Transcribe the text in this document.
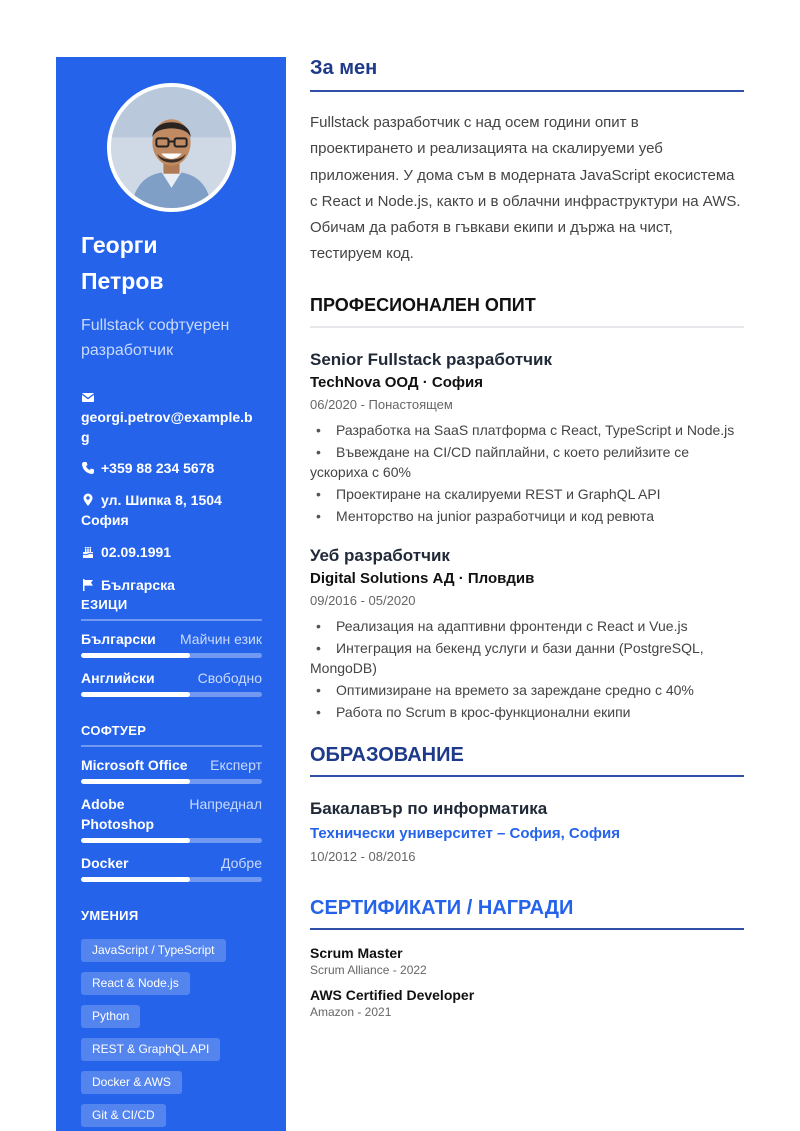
Георги
Петров
Fullstack софтуерен разработчик
georgi.petrov@example.bg
+359 88 234 5678
ул. Шипка 8, 1504 София
02.09.1991
Българска
ЕЗИЦИ
Български Майчин език
Английски	Свободно
СОФТУЕР
Microsoft Office Експерт
Adobe Photoshop
Напреднал
Docker	Добре
УМЕНИЯ
JavaScript / TypeScript
React & Node.js
Python
REST & GraphQL API
Docker & AWS
Git & CI/CD
За мен

Fullstack разработчик с над осем години опит в проектирането и реализацията на скалируеми уеб приложения. У дома съм в модерната JavaScript екосистема с React и Node.js, както и в облачни инфраструктури на AWS. Обичам да работя в гъвкави екипи и държа на чист, тестируем код.

ПРОФЕСИОНАЛЕН ОПИТ
Senior Fullstack разработчик
TechNova ООД · София
06/2020 - Понастоящем
• Разработка на SaaS платформа с React, TypeScript и Node.js
• Въвеждане на CI/CD пайплайни, с което релийзите се ускориха с 60%
• Проектиране на скалируеми REST и GraphQL API
• Менторство на junior разработчици и код ревюта
Уеб разработчик
Digital Solutions АД · Пловдив
09/2016 - 05/2020
• Реализация на адаптивни фронтенди с React и Vue.js
• Интеграция на бекенд услуги и бази данни (PostgreSQL, MongoDB)
• Оптимизиране на времето за зареждане средно с 40%
• Работа по Scrum в крос-функционални екипи
ОБРАЗОВАНИЕ
Бакалавър по информатика
Технически университет – София, София
10/2012 - 08/2016
СЕРТИФИКАТИ / НАГРАДИ
Scrum Master
Scrum Alliance - 2022
AWS Certified Developer
Amazon - 2021
